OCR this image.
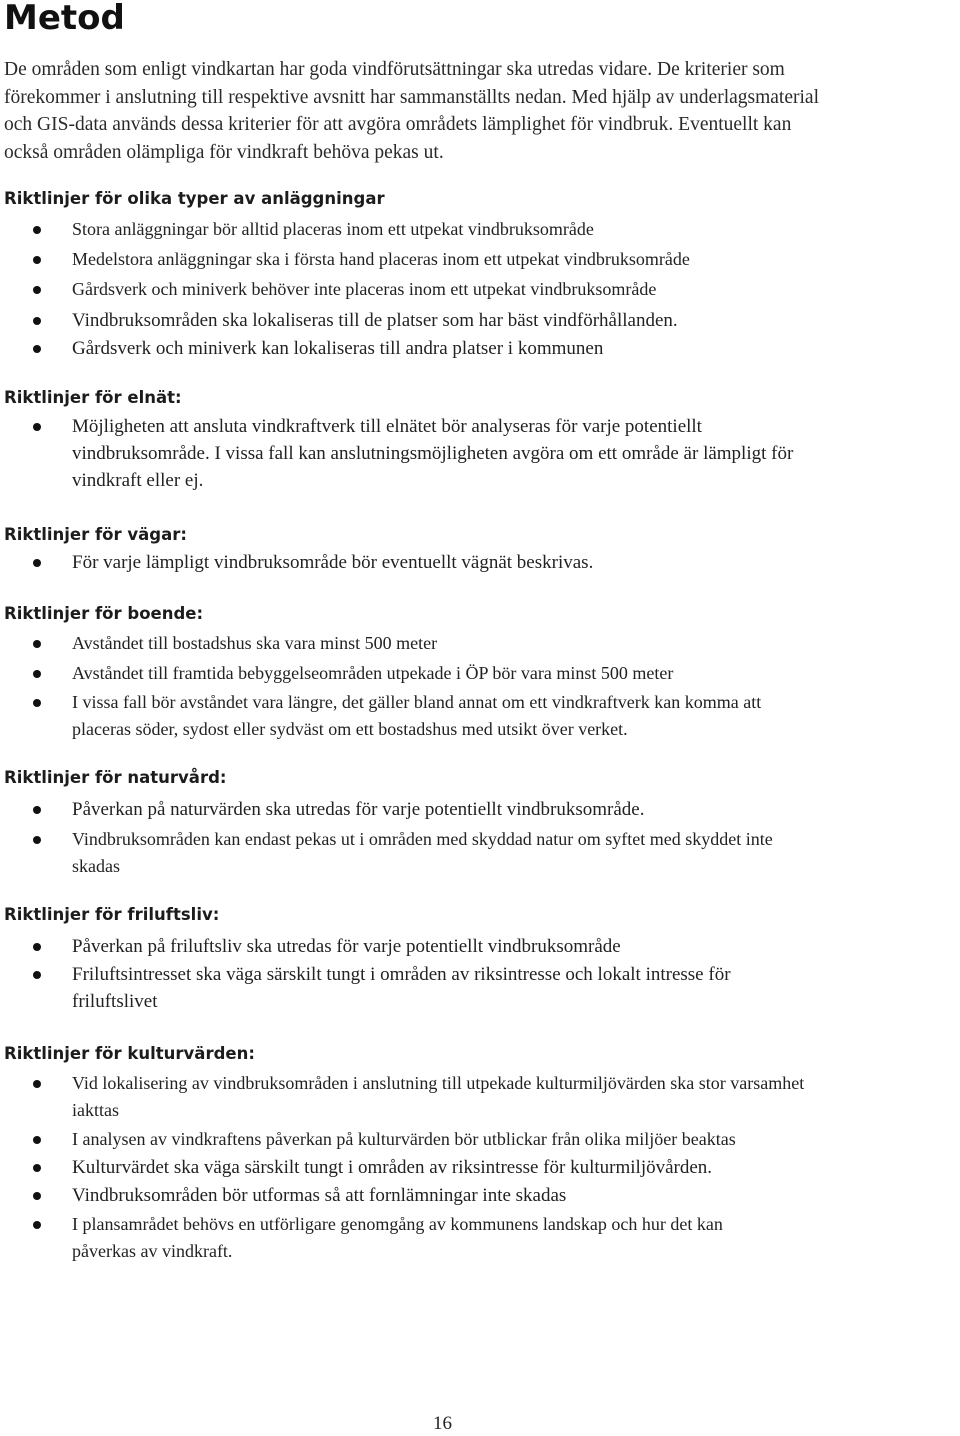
Metod

De områden som enligt vindkartan har goda vindförutsättningar ska utredas vidare. De kriterier som
förekommer i anslutning till respektive avsnitt har sammanställts nedan. Med hjälp av underlagsmaterial
och GIS-data används dessa kriterier för att avgöra områdets lämplighet för vindbruk. Eventuellt kan
också områden olämpliga för vindkraft behöva pekas ut.

Riktlinjer för olika typer av anläggningar
Stora anläggningar bör alltid placeras inom ett utpekat vindbruksområde
Medelstora anläggningar ska i första hand placeras inom ett utpekat vindbruksområde
Gårdsverk och miniverk behöver inte placeras inom ett utpekat vindbruksområde
Vindbruksområden ska lokaliseras till de platser som har bäst vindförhållanden.
Gårdsverk och miniverk kan lokaliseras till andra platser i kommunen
Riktlinjer för elnät:
Möjligheten att ansluta vindkraftverk till elnätet bör analyseras för varje potentiellt
vindbruksområde. I vissa fall kan anslutningsmöjligheten avgöra om ett område är lämpligt för
vindkraft eller ej.
Riktlinjer för vägar:
För varje lämpligt vindbruksområde bör eventuellt vägnät beskrivas.
Riktlinjer för boende:
Avståndet till bostadshus ska vara minst 500 meter
Avståndet till framtida bebyggelseområden utpekade i ÖP bör vara minst 500 meter
I vissa fall bör avståndet vara längre, det gäller bland annat om ett vindkraftverk kan komma att
placeras söder, sydost eller sydväst om ett bostadshus med utsikt över verket.
Riktlinjer för naturvård:
Påverkan på naturvärden ska utredas för varje potentiellt vindbruksområde.
Vindbruksområden kan endast pekas ut i områden med skyddad natur om syftet med skyddet inte
skadas
Riktlinjer för friluftsliv:
Påverkan på friluftsliv ska utredas för varje potentiellt vindbruksområde
Friluftsintresset ska väga särskilt tungt i områden av riksintresse och lokalt intresse för
friluftslivet
Riktlinjer för kulturvärden:
Vid lokalisering av vindbruksområden i anslutning till utpekade kulturmiljövärden ska stor varsamhet
iakttas
I analysen av vindkraftens påverkan på kulturvärden bör utblickar från olika miljöer beaktas
Kulturvärdet ska väga särskilt tungt i områden av riksintresse för kulturmiljövården.
Vindbruksområden bör utformas så att fornlämningar inte skadas
I plansamrådet behövs en utförligare genomgång av kommunens landskap och hur det kan
påverkas av vindkraft.
16
